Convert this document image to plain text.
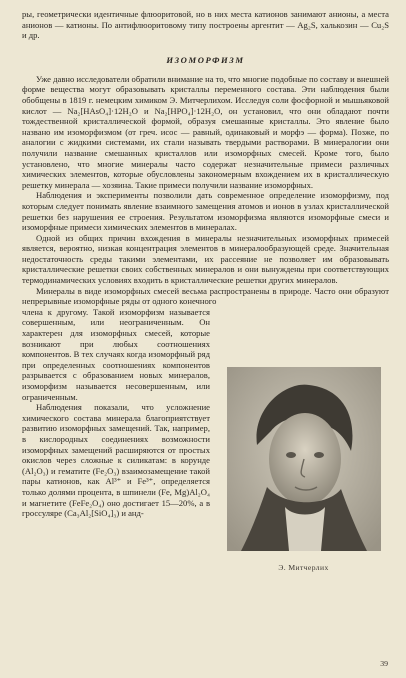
ры, геометрически идентичные флюоритовой, но в них места катионов занимают анионы, а места анионов — катионы. По антифлюоритовому типу построены аргентит — Ag₂S, халькозин — Cu₂S и др.

ИЗОМОРФИЗМ

Уже давно исследователи обратили внимание на то, что многие подобные по составу и внешней форме вещества могут образовывать кристаллы переменного состава. Эти наблюдения были обобщены в 1819 г. немецким химиком Э. Митчерлихом. Исследуя соли фосфорной и мышьяковой кислот — Na₂[HAsO₄]·12H₂O и Na₂[HPO₄]·12H₂O, он установил, что они обладают почти тождественной кристаллической формой, образуя смешанные кристаллы. Это явление было названо им изоморфизмом (от греч. исос — равный, одинаковый и морфэ — форма). Позже, по аналогии с жидкими системами, их стали называть твердыми растворами. В минералогии они получили название смешанных кристаллов или изоморфных смесей. Кроме того, было установлено, что многие минералы часто содержат незначительные примеси различных химических элементов, которые обусловлены закономерным вхождением их в кристаллическую решетку минерала — хозяина. Такие примеси получили название изоморфных.

Наблюдения и эксперименты позволили дать современное определение изоморфизму, под которым следует понимать явление взаимного замещения атомов и ионов в узлах кристаллической решетки без нарушения ее строения. Результатом изоморфизма являются изоморфные смеси и изоморфные примеси химических элементов в минералах.

Одной из общих причин вхождения в минералы незначительных изоморфных примесей является, вероятно, низкая концентрация элементов в минералообразующей среде. Значительная недостаточность среды такими элементами, их рассеяние не позволяет им образовывать кристаллические решетки своих собственных минералов и они вынуждены при соответствующих термодинамических условиях входить в кристаллические решетки других минералов.

Минералы в виде изоморфных смесей весьма распространены в природе. Часто они образуют непрерывные изоморфные ряды от одного конечного

члена к другому. Такой изоморфизм называется совершенным, или неограниченным. Он характерен для изоморфных смесей, которые возникают при любых соотношениях компонентов. В тех случаях когда изоморфный ряд при определенных соотношениях компонентов разрывается с образованием новых минералов, изоморфизм называется несовершенным, или ограниченным.

Наблюдения показали, что усложнение химического состава минерала благоприятствует развитию изоморфных замещений. Так, например, в кислородных соединениях возможности изоморфных замещений расширяются от простых окислов через сложные к силикатам: в корунде (Al₂O₃) и гематите (Fe₂O₃) взаимозамещение такой пары катионов, как Al³⁺ и Fe³⁺, определяется только долями процента, в шпинели (Fe, Mg)Al₂O₄ и магнетите (FeFe₂O₄) оно достигает 15—20%, а в гроссуляре (Ca₃Al₂[SiO₄]₃) и анд-

Э. Митчерлих
39
